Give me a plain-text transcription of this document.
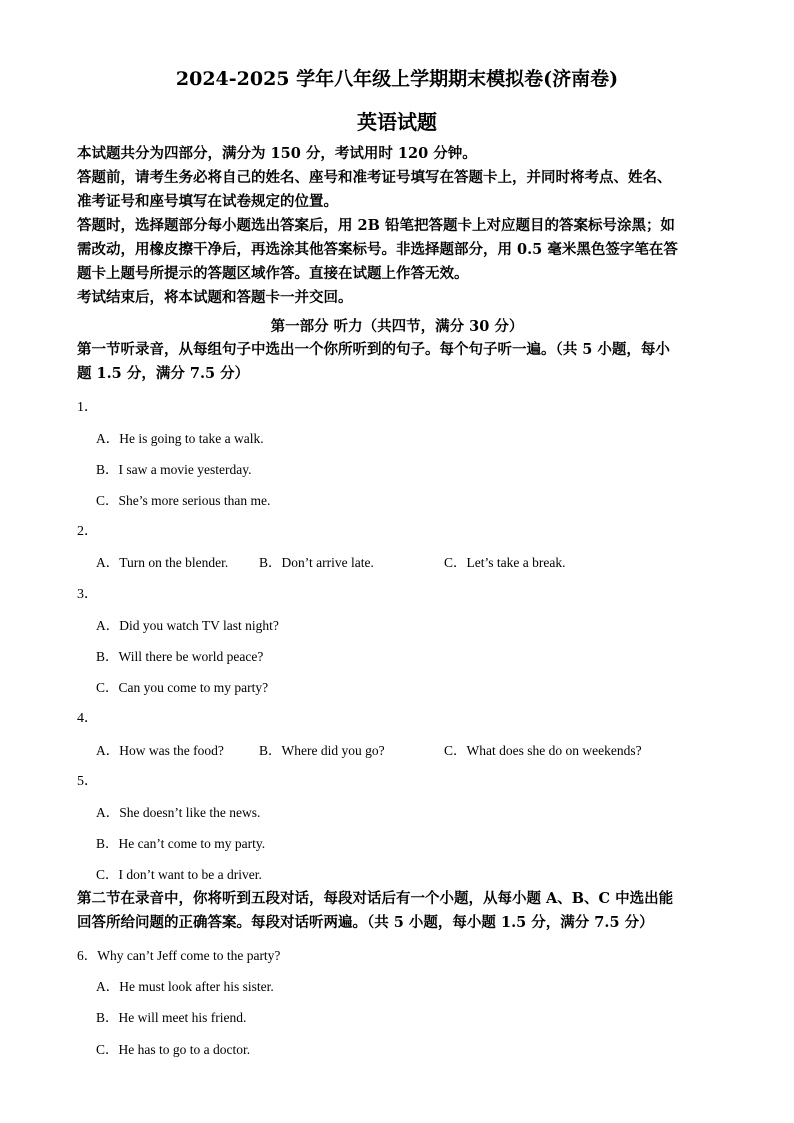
2024-2025 学年八年级上学期期末模拟卷(济南卷)
英语试题
本试题共分为四部分，满分为 150 分，考试用时 120 分钟。
答题前，请考生务必将自己的姓名、座号和准考证号填写在答题卡上，并同时将考点、姓名、
准考证号和座号填写在试卷规定的位置。
答题时，选择题部分每小题选出答案后，用 2B 铅笔把答题卡上对应题目的答案标号涂黑；如
需改动，用橡皮擦干净后，再选涂其他答案标号。非选择题部分，用 0.5 毫米黑色签字笔在答
题卡上题号所提示的答题区域作答。直接在试题上作答无效。
考试结束后，将本试题和答题卡一并交回。
第一部分 听力（共四节，满分 30 分）
第一节听录音，从每组句子中选出一个你所听到的句子。每个句子听一遍。（共 5 小题，每小
题 1.5 分，满分 7.5 分）
1．
A．He is going to take a walk.
B．I saw a movie yesterday.
C．She’s more serious than me.
2．
A．Turn on the blender. B．Don’t arrive late.	C．Let’s take a break.
3．
A．Did you watch TV last night?
B．Will there be world peace?
C．Can you come to my party?
4．
A．How was the food?	B．Where did you go?	C．What does she do on weekends?
5．
A．She doesn’t like the news.
B．He can’t come to my party.
C．I don’t want to be a driver.
第二节在录音中，你将听到五段对话，每段对话后有一个小题，从每小题 A、B、C 中选出能
回答所给问题的正确答案。每段对话听两遍。（共 5 小题，每小题 1.5 分，满分 7.5 分）
6．Why can’t Jeff come to the party?
A．He must look after his sister.
B．He will meet his friend.
C．He has to go to a doctor.
